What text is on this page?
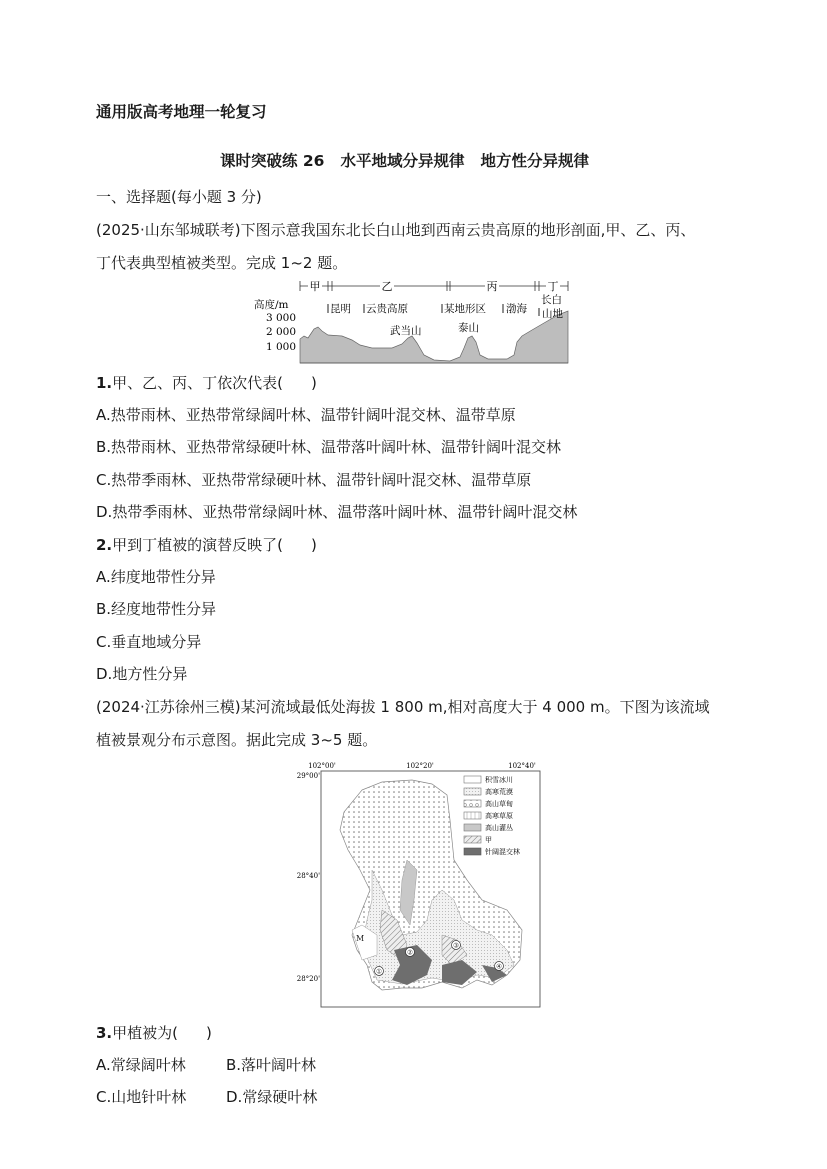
通用版高考地理一轮复习
课时突破练 26 水平地域分异规律 地方性分异规律
一、选择题(每小题 3 分)
(2025·山东邹城联考)下图示意我国东北长白山地到西南云贵高原的地形剖面,甲、乙、丙、
丁代表典型植被类型。完成 1~2 题。
甲	乙	丙	丁
高度/m
3 000
2 000
1 000
昆明 云贵高原	某地形区 渤海
长白
山地
武当山	泰山
1.甲、乙、丙、丁依次代表( )
A.热带雨林、亚热带常绿阔叶林、温带针阔叶混交林、温带草原
B.热带雨林、亚热带常绿硬叶林、温带落叶阔叶林、温带针阔叶混交林
C.热带季雨林、亚热带常绿硬叶林、温带针阔叶混交林、温带草原
D.热带季雨林、亚热带常绿阔叶林、温带落叶阔叶林、温带针阔叶混交林
2.甲到丁植被的演替反映了( )
A.纬度地带性分异
B.经度地带性分异
C.垂直地域分异
D.地方性分异
(2024·江苏徐州三模)某河流域最低处海拔 1 800 m,相对高度大于 4 000 m。下图为该流域
植被景观分布示意图。据此完成 3~5 题。
102°00'	102°20'	102°40'
29°00'
28°40'
28°20'
①
②
③
④
M
积雪冰川
高寒荒漠
高山草甸
高寒草原
高山灌丛
甲
针阔混交林
3.甲植被为( )
A.常绿阔叶林	B.落叶阔叶林
C.山地针叶林	D.常绿硬叶林
